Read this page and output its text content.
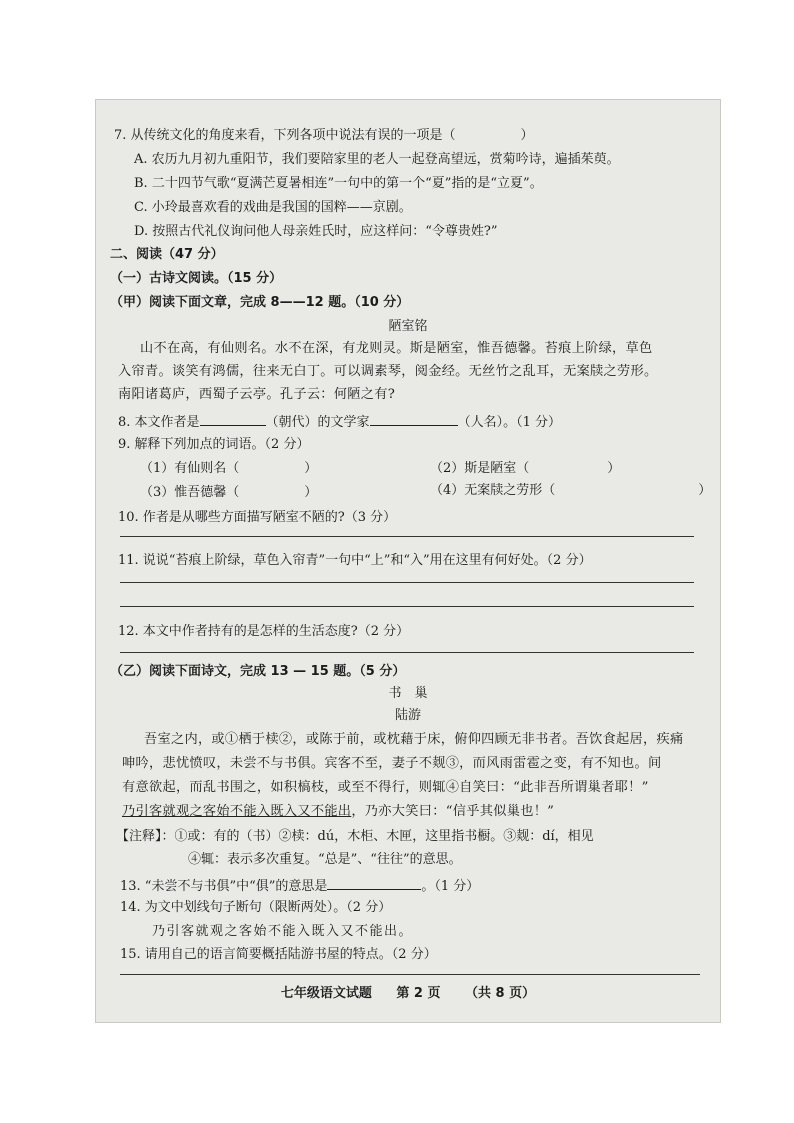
7. 从传统文化的角度来看，下列各项中说法有误的一项是（　　　　　）
A. 农历九月初九重阳节，我们要陪家里的老人一起登高望远，赏菊吟诗，遍插茱萸。
B. 二十四节气歌“夏满芒夏暑相连”一句中的第一个“夏”指的是“立夏”。
C. 小玲最喜欢看的戏曲是我国的国粹——京剧。
D. 按照古代礼仪询问他人母亲姓氏时，应这样问：“令尊贵姓?”
二、阅读（47 分）
（一）古诗文阅读。（15 分）
（甲）阅读下面文章，完成 8——12 题。（10 分）
陋室铭
山不在高，有仙则名。水不在深，有龙则灵。斯是陋室，惟吾德馨。苔痕上阶绿，草色
入帘青。谈笑有鸿儒，往来无白丁。可以调素琴，阅金经。无丝竹之乱耳，无案牍之劳形。
南阳诸葛庐，西蜀子云亭。孔子云：何陋之有?
8. 本文作者是	（朝代）的文学家	（人名）。（1 分）
9. 解释下列加点的词语。（2 分）
（1）有仙则名（　　　　　）	（2）斯是陋室（　　　　　　）
（3）惟吾德馨（　　　　　）	（4）无案牍之劳形（　　　　　　　　　　　）
10. 作者是从哪些方面描写陋室不陋的?（3 分）
11. 说说“苔痕上阶绿，草色入帘青”一句中“上”和“入”用在这里有何好处。（2 分）
12. 本文中作者持有的是怎样的生活态度?（2 分）
（乙）阅读下面诗文，完成 13 — 15 题。（5 分）
书　巢
陆游
吾室之内，或①栖于椟②，或陈于前，或枕藉于床，俯仰四顾无非书者。吾饮食起居，疾痛
呻吟，悲忧愤叹，未尝不与书俱。宾客不至，妻子不觌③，而风雨雷雹之变，有不知也。间
有意欲起，而乱书围之，如积槁枝，或至不得行，则辄④自笑曰：“此非吾所谓巢者耶！”
乃引客就观之客始不能入既入又不能出，乃亦大笑曰：“信乎其似巢也！”
【注释】：①或：有的（书）②椟：dú，木柜、木匣，这里指书橱。③觌：dí，相见
④辄：表示多次重复。“总是”、“往往”的意思。
13. “未尝不与书俱”中“俱”的意思是	。（1 分）
14. 为文中划线句子断句（限断两处）。（2 分）
乃引客就观之客始不能入既入又不能出。
15. 请用自己的语言简要概括陆游书屋的特点。（2 分）
七年级语文试题 第 2 页 （共 8 页）
